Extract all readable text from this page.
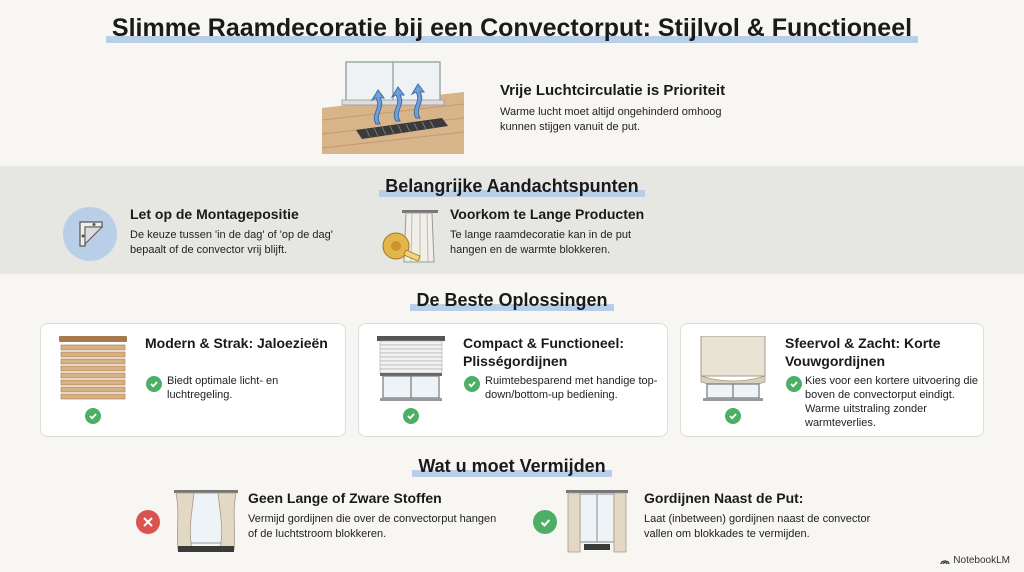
Slimme Raamdecoratie bij een Convectorput: Stijlvol & Functioneel
Vrije Luchtcirculatie is Prioriteit

Warme lucht moet altijd ongehinderd omhoog kunnen stijgen vanuit de put.

Belangrijke Aandachtspunten
Let op de Montagepositie

De keuze tussen 'in de dag' of 'op de dag' bepaalt of de convector vrij blijft.

Voorkom te Lange Producten

Te lange raamdecoratie kan in de put hangen en de warmte blokkeren.

De Beste Oplossingen
Modern & Strak: Jaloezieën

Biedt optimale licht- en luchtregeling.

Compact & Functioneel: Plisségordijnen

Ruimtebesparend met handige top-down/bottom-up bediening.

Sfeervol & Zacht: Korte Vouwgordijnen

Kies voor een kortere uitvoering die boven de convectorput eindigt. Warme uitstraling zonder warmteverlies.

Wat u moet Vermijden
Geen Lange of Zware Stoffen

Vermijd gordijnen die over de convectorput hangen of de luchtstroom blokkeren.

Gordijnen Naast de Put:

Laat (inbetween) gordijnen naast de convector vallen om blokkades te vermijden.

NotebookLM
